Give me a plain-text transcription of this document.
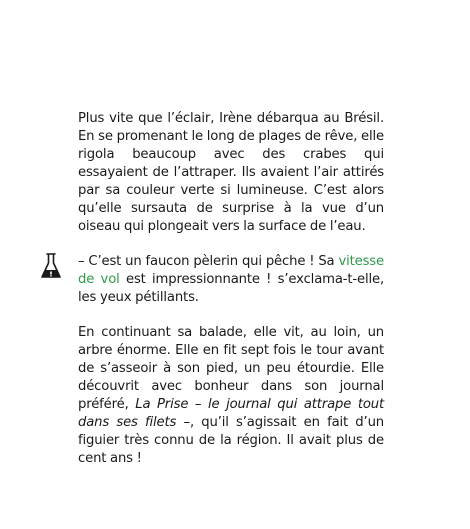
Plus vite que l’éclair, Irène débarqua au Brésil. En se promenant le long de plages de rêve, elle rigola beaucoup avec des crabes qui essayaient de l’attraper. Ils avaient l’air attirés par sa couleur verte si lumineuse. C’est alors qu’elle sursauta de surprise à la vue d’un oiseau qui plongeait vers la surface de l’eau.

– C’est un faucon pèlerin qui pêche ! Sa vitesse de vol est impressionnante ! s’exclama-t-elle, les yeux pétillants.

En continuant sa balade, elle vit, au loin, un arbre énorme. Elle en fit sept fois le tour avant de s’asseoir à son pied, un peu étourdie. Elle découvrit avec bonheur dans son journal préféré, La Prise – le journal qui attrape tout dans ses filets –, qu’il s’agissait en fait d’un figuier très connu de la région. Il avait plus de cent ans !
